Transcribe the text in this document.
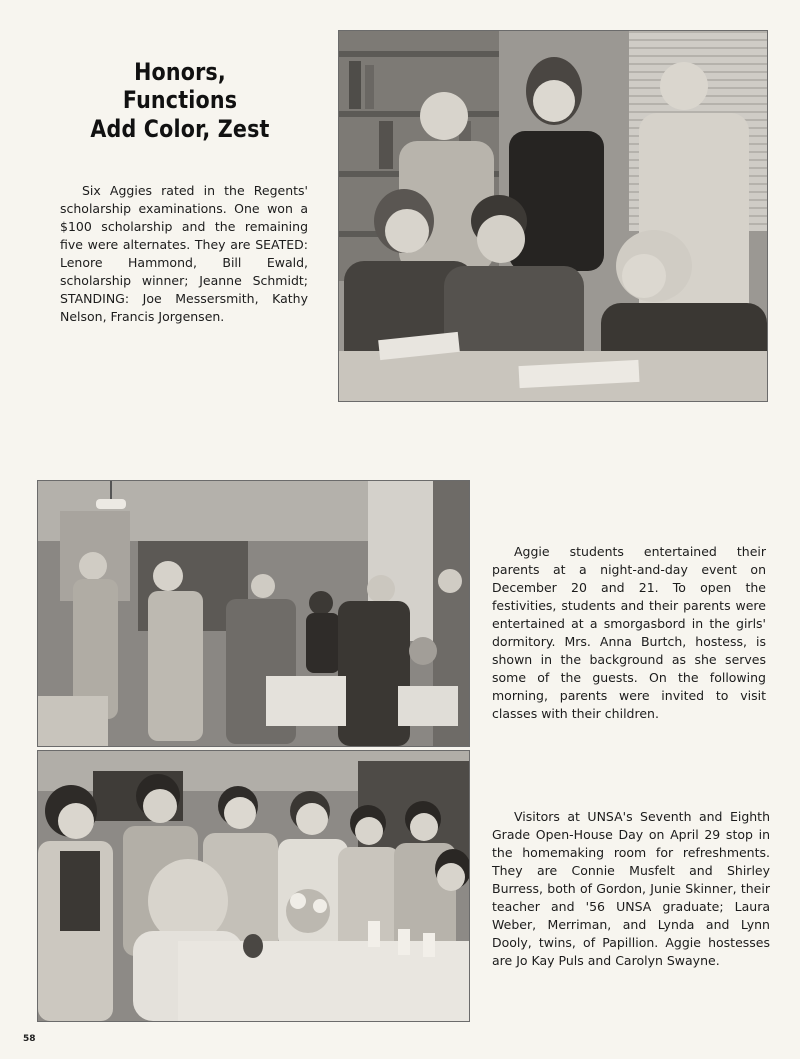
Honors, Functions
Add Color, Zest

Six Aggies rated in the Regents' scholarship examinations. One won a $100 scholarship and the remaining five were alternates. They are SEATED: Lenore Hammond, Bill Ewald, scholarship winner; Jeanne Schmidt; STANDING: Joe Messersmith, Kathy Nelson, Francis Jorgensen.

Aggie students entertained their parents at a night-and-day event on December 20 and 21. To open the festivities, students and their parents were entertained at a smorgasbord in the girls' dormitory. Mrs. Anna Burtch, hostess, is shown in the background as she serves some of the guests. On the following morning, parents were invited to visit classes with their children.

Visitors at UNSA's Seventh and Eighth Grade Open-House Day on April 29 stop in the homemaking room for refreshments. They are Connie Musfelt and Shirley Burress, both of Gordon, Junie Skinner, their teacher and '56 UNSA graduate; Laura Weber, Merriman, and Lynda and Lynn Dooly, twins, of Papillion. Aggie hostesses are Jo Kay Puls and Carolyn Swayne.

58
